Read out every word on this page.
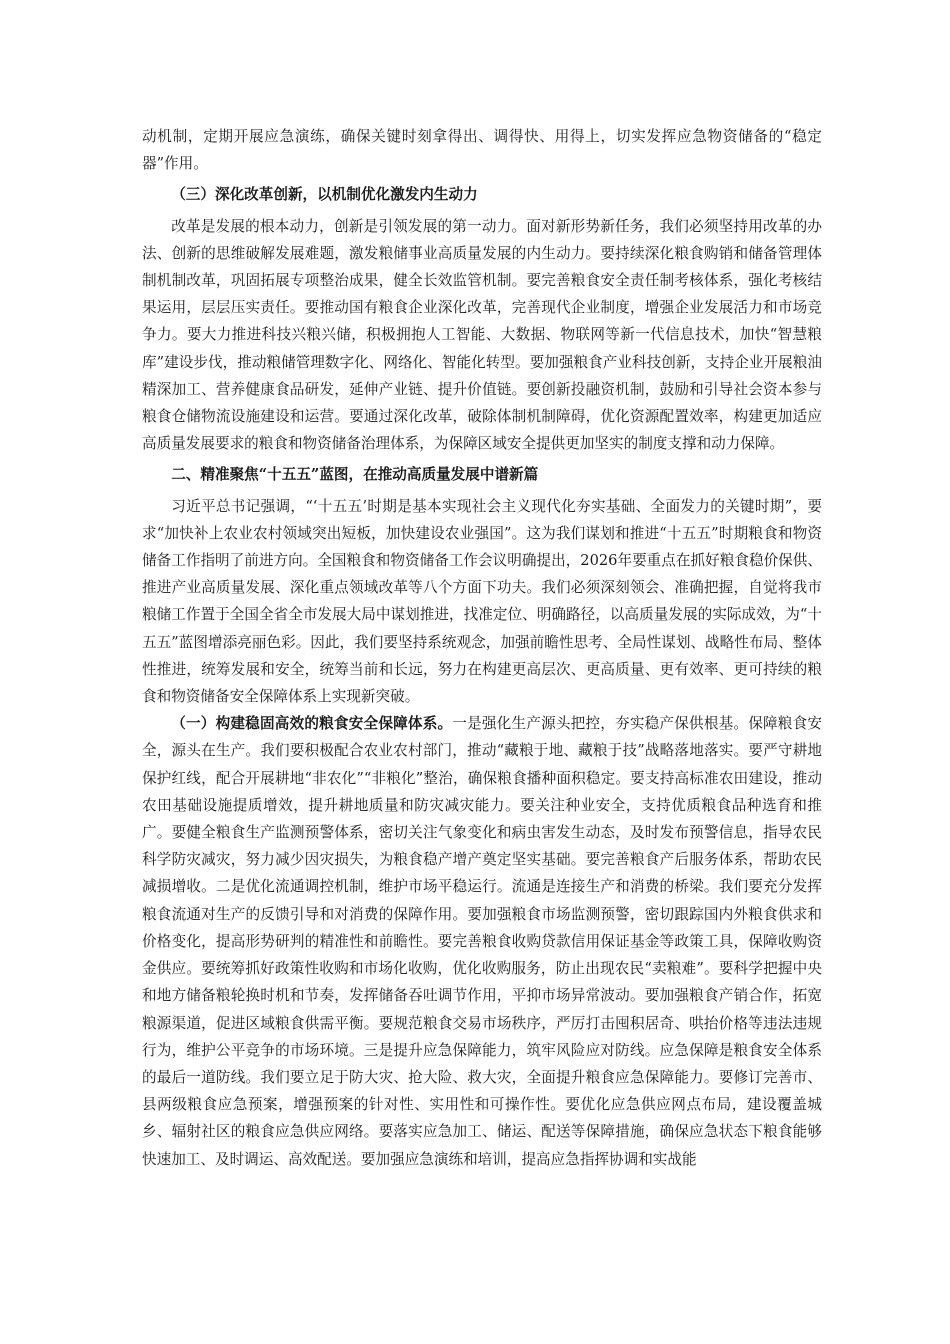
动机制，定期开展应急演练，确保关键时刻拿得出、调得快、用得上，切实发挥应急物资储备的“稳定器”作用。

（三）深化改革创新，以机制优化激发内生动力

改革是发展的根本动力，创新是引领发展的第一动力。面对新形势新任务，我们必须坚持用改革的办法、创新的思维破解发展难题，激发粮储事业高质量发展的内生动力。要持续深化粮食购销和储备管理体制机制改革，巩固拓展专项整治成果，健全长效监管机制。要完善粮食安全责任制考核体系，强化考核结果运用，层层压实责任。要推动国有粮食企业深化改革，完善现代企业制度，增强企业发展活力和市场竞争力。要大力推进科技兴粮兴储，积极拥抱人工智能、大数据、物联网等新一代信息技术，加快“智慧粮库”建设步伐，推动粮储管理数字化、网络化、智能化转型。要加强粮食产业科技创新，支持企业开展粮油精深加工、营养健康食品研发，延伸产业链、提升价值链。要创新投融资机制，鼓励和引导社会资本参与粮食仓储物流设施建设和运营。要通过深化改革，破除体制机制障碍，优化资源配置效率，构建更加适应高质量发展要求的粮食和物资储备治理体系，为保障区域安全提供更加坚实的制度支撑和动力保障。

二、精准聚焦“十五五”蓝图，在推动高质量发展中谱新篇

习近平总书记强调，“‘十五五’时期是基本实现社会主义现代化夯实基础、全面发力的关键时期”，要求“加快补上农业农村领域突出短板，加快建设农业强国”。这为我们谋划和推进“十五五”时期粮食和物资储备工作指明了前进方向。全国粮食和物资储备工作会议明确提出，2026年要重点在抓好粮食稳价保供、推进产业高质量发展、深化重点领域改革等八个方面下功夫。我们必须深刻领会、准确把握，自觉将我市粮储工作置于全国全省全市发展大局中谋划推进，找准定位、明确路径，以高质量发展的实际成效，为“十五五”蓝图增添亮丽色彩。因此，我们要坚持系统观念，加强前瞻性思考、全局性谋划、战略性布局、整体性推进，统筹发展和安全，统筹当前和长远，努力在构建更高层次、更高质量、更有效率、更可持续的粮食和物资储备安全保障体系上实现新突破。

（一）构建稳固高效的粮食安全保障体系。一是强化生产源头把控，夯实稳产保供根基。保障粮食安全，源头在生产。我们要积极配合农业农村部门，推动“藏粮于地、藏粮于技”战略落地落实。要严守耕地保护红线，配合开展耕地“非农化”“非粮化”整治，确保粮食播种面积稳定。要支持高标准农田建设，推动农田基础设施提质增效，提升耕地质量和防灾减灾能力。要关注种业安全，支持优质粮食品种选育和推广。要健全粮食生产监测预警体系，密切关注气象变化和病虫害发生动态，及时发布预警信息，指导农民科学防灾减灾，努力减少因灾损失，为粮食稳产增产奠定坚实基础。要完善粮食产后服务体系，帮助农民减损增收。二是优化流通调控机制，维护市场平稳运行。流通是连接生产和消费的桥梁。我们要充分发挥粮食流通对生产的反馈引导和对消费的保障作用。要加强粮食市场监测预警，密切跟踪国内外粮食供求和价格变化，提高形势研判的精准性和前瞻性。要完善粮食收购贷款信用保证基金等政策工具，保障收购资金供应。要统筹抓好政策性收购和市场化收购，优化收购服务，防止出现农民“卖粮难”。要科学把握中央和地方储备粮轮换时机和节奏，发挥储备吞吐调节作用，平抑市场异常波动。要加强粮食产销合作，拓宽粮源渠道，促进区域粮食供需平衡。要规范粮食交易市场秩序，严厉打击囤积居奇、哄抬价格等违法违规行为，维护公平竞争的市场环境。三是提升应急保障能力，筑牢风险应对防线。应急保障是粮食安全体系的最后一道防线。我们要立足于防大灾、抢大险、救大灾，全面提升粮食应急保障能力。要修订完善市、县两级粮食应急预案，增强预案的针对性、实用性和可操作性。要优化应急供应网点布局，建设覆盖城乡、辐射社区的粮食应急供应网络。要落实应急加工、储运、配送等保障措施，确保应急状态下粮食能够快速加工、及时调运、高效配送。要加强应急演练和培训，提高应急指挥协调和实战能
